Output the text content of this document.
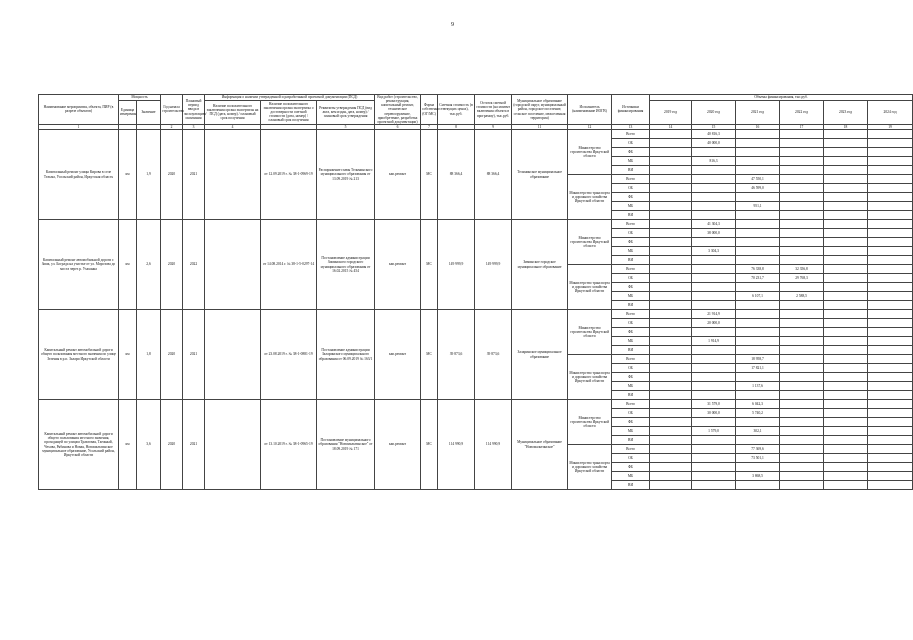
9
Наименование мероприятия, объекта, ПИР (в разрезе объектов)	Мощность		Год начала строительства	Плановый период ввода в эксплуатацию/ окончания	Информация о наличии утвержденной и разработанной проектной документации (ПСД)			Вид работ (строительство, реконструкция, капитальный ремонт, техническое перевооружение, приобретение, разработка проектной документации)	Форма собственности (ОГ/МС)	Сметная стоимость (в текущих ценах), тыс.руб.	Остаток сметной стоимости (на момент включения объекта в программу), тыс.руб.	Муниципальное образование (городской округ, муниципальный район, городское поселение, сельское поселение, межселенная территория)	Исполнитель (наименование ИОГВ)	Источники финансирования	Объемы финансирования, тыс.руб.					
	Единица измерения	Значение			Наличие положительного заключения органа экспертизы на ПСД (дата, номер) / плановый срок получения	Наличие положительного заключения органа экспертизы о достоверности сметной стоимости (дата, номер) / плановый срок получения	Реквизиты утверждения ПСД (вид акта, кем издан, дата, номер) / плановый срок утверждения								2019 год	2020 год	2021 год	2022 год	2023 год	2024 год
1			2	3	4		5	6	7	8	9	11	12	13	14	15	16	17	18	19
Капитальный ремонт улицы Кирова в селе Тельма, Усольский район, Иркутская область	км	1,9	2020	2021		от 12.09.2019 г. № 38-1-0969-19	Распоряжение главы Тельминского муниципального образования от 13.09.2019 № 213	кап.ремонт	МС	88 366,4	88 366,4	Тельминское муниципальное образование	Министерство строительства Иркутской области	Всего		40 816,3				
														ОБ		40 000,0				
														ФБ						
														МБ		816,3				
														ВИ						
													Министерство транспорта и дорожного хозяйства Иркутской области	Всего			47 550,1			
														ОБ			46 599,0			
														ФБ						
														МБ			951,1			
														ВИ						
Капитальный ремонт автомобильной дороги г. Зима, ул. Бограда на участке от ул. Морозова до моста через р. Ухаханка	км	2,6	2020	2022		от 14.08.2014 г. № 38-1-5-0297-14	Постановление администрации Зиминского городского муниципального образования от 16.02.2015 № 454	кап.ремонт	МС	149 999,9	149 999,9	Зиминское городское муниципальное образование	Министерство строительства Иркутской области	Всего		41 304,3				
														ОБ		38 000,0				
														ФБ						
														МБ		3 304,3				
														ВИ						
													Министерство транспорта и дорожного хозяйства Иркутской области	Всего			76 338,8	32 356,8		
														ОБ			70 231,7	29 768,3		
														ФБ						
														МБ			6 107,1	2 588,5		
														ВИ						
Капитальный ремонт автомобильной дороги общего пользования местного значения по улице Зеленая в р.п. Залари Иркутской области	км	1,8	2020	2021		от 23.08.2019 г. № 38-1-0881-19	Постановление администрации Заларинского муниципального образования от 06.09.2019 № 163/1	кап.ремонт	МС	39 873,6	39 873,6	Заларинское муниципальное образование	Министерство строительства Иркутской области	Всего		21 914,9				
														ОБ		20 000,0				
														ФБ						
														МБ		1 914,9				
														ВИ						
													Министерство транспорта и дорожного хозяйства Иркутской области	Всего			18 958,7			
														ОБ			17 821,1			
														ФБ						
														МБ			1 137,6			
														ВИ						
Капитальный ремонт автомобильной дороги общего пользования местного значения, проходящей по улицам Трактовая, Таежный, Чехова, Рябинова и Новая, Новомальтинское муниципальное образование, Усольский район, Иркутской области	км	3,6	2020	2021		от 13.10.2019 г. № 38-1-0965-19	Постановление муниципального образования "Новомальтинское" от 18.09.2019 № 171	кап.ремонт	МС	114 990,9	114 990,9	Муниципальное образование "Новомальтинское"	Министерство строительства Иркутской области	Всего		31 579,0	6 042,3			
														ОБ		30 000,0	5 740,2			
														ФБ						
														МБ		1 579,0	302,1			
														ВИ						
													Министерство транспорта и дорожного хозяйства Иркутской области	Всего			77 369,6			
														ОБ			73 501,1			
														ФБ						
														МБ			3 868,5			
														ВИ						
